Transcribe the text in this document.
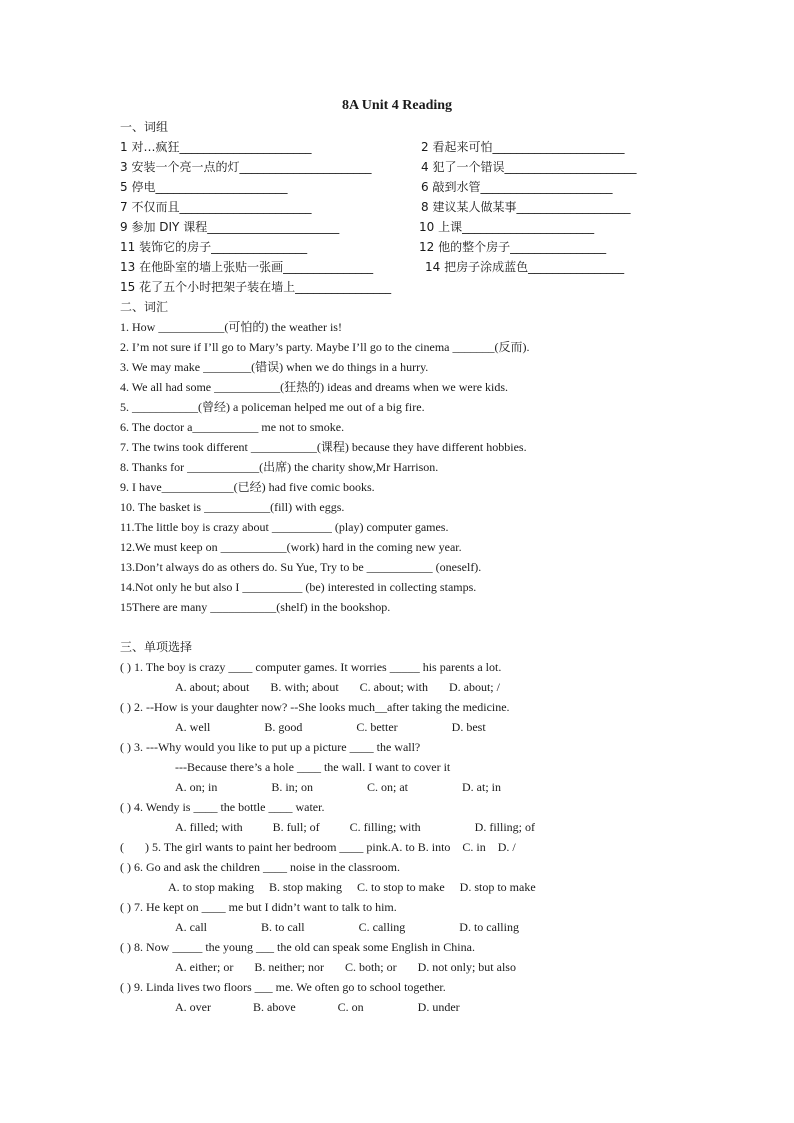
8A Unit 4 Reading
一、词组
1 对…疯狂______________________	2 看起来可怕______________________
3 安装一个亮一点的灯______________________	4 犯了一个错误______________________
5 停电______________________	6 敲到水管______________________
7 不仅而且______________________	8 建议某人做某事___________________
9 参加 DIY 课程______________________	10 上课______________________
11 装饰它的房子________________	12 他的整个房子________________
13 在他卧室的墙上张贴一张画_______________	14 把房子涂成蓝色________________
15 花了五个小时把架子装在墙上________________
二、词汇
1. How ___________(可怕的) the weather is!
2. I’m not sure if I’ll go to Mary’s party. Maybe I’ll go to the cinema _______(反而).
3. We may make ________(错误) when we do things in a hurry.
4. We all had some ___________(狂热的) ideas and dreams when we were kids.
5. ___________(曾经) a policeman helped me out of a big fire.
6. The doctor a___________ me not to smoke.
7. The twins took different ___________(课程) because they have different hobbies.
8. Thanks for ____________(出席) the charity show,Mr Harrison.
9. I have____________(已经) had five comic books.
10. The basket is ___________(fill) with eggs.
11.The little boy is crazy about __________ (play) computer games.
12.We must keep on ___________(work) hard in the coming new year.
13.Don’t always do as others do. Su Yue, Try to be ___________ (oneself).
14.Not only he but also I __________ (be) interested in collecting stamps.
15There are many ___________(shelf) in the bookshop.
三、单项选择
( ) 1. The boy is crazy ____ computer games. It worries _____ his parents a lot.
A. about; about       B. with; about       C. about; with       D. about; /
( ) 2. --How is your daughter now? --She looks much__after taking the medicine.
A. well                  B. good                  C. better                  D. best
( ) 3. ---Why would you like to put up a picture ____ the wall?
---Because there’s a hole ____ the wall. I want to cover it
A. on; in                  B. in; on                  C. on; at                  D. at; in
( ) 4. Wendy is ____ the bottle ____ water.
A. filled; with          B. full; of          C. filling; with                  D. filling; of
(       ) 5. The girl wants to paint her bedroom ____ pink.A. to B. into    C. in    D. /
( ) 6. Go and ask the children ____ noise in the classroom.
A. to stop making     B. stop making     C. to stop to make     D. stop to make
( ) 7. He kept on ____ me but I didn’t want to talk to him.
A. call                  B. to call                  C. calling                  D. to calling
( ) 8. Now _____ the young ___ the old can speak some English in China.
A. either; or       B. neither; nor       C. both; or       D. not only; but also
( ) 9. Linda lives two floors ___ me. We often go to school together.
A. over              B. above              C. on                  D. under
